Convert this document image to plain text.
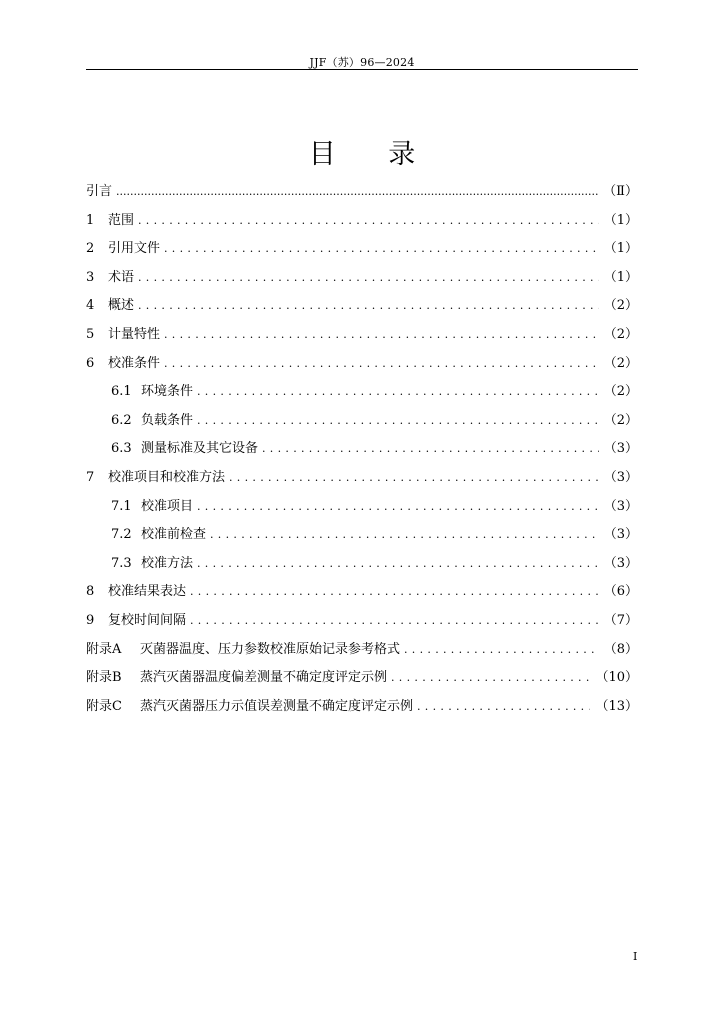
JJF（苏）96—2024
目 录
引言 .....	（Ⅱ）
1	范围 . . .	（1）
2	引用文件 . . .	（1）
3	术语 . . .	（1）
4	概述 . . .	（2）
5	计量特性 . . .	（2）
6	校准条件 . . .	（2）
6.1 环境条件 . . .	（2）
6.2 负载条件 . . .	（2）
6.3 测量标准及其它设备 . . .	（3）
7	校准项目和校准方法 . . .	（3）
7.1 校准项目 . . .	（3）
7.2 校准前检查 . . .	（3）
7.3 校准方法 . . .	（3）
8	校准结果表达 . . .	（6）
9	复校时间间隔 . . .	（7）
附录A	灭菌器温度、压力参数校准原始记录参考格式 . . .	（8）
附录B	蒸汽灭菌器温度偏差测量不确定度评定示例 . . .	（10）
附录C	蒸汽灭菌器压力示值误差测量不确定度评定示例 . . .	（13）
I
